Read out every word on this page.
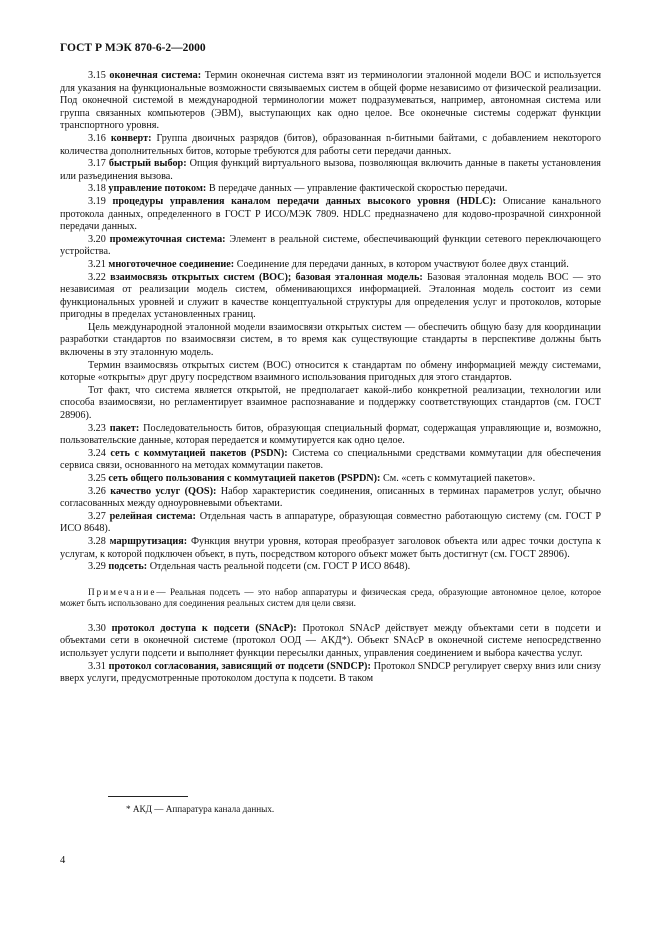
ГОСТ Р МЭК 870-6-2—2000

3.15 оконечная система: Термин оконечная система взят из терминологии эталонной модели ВОС и используется для указания на функциональные возможности связываемых систем в общей форме независимо от физической реализации. Под оконечной системой в международной терминологии может подразумеваться, например, автономная система или группа связанных компьютеров (ЭВМ), выступающих как одно целое. Все оконечные системы содержат функции транспортного уровня.

3.16 конверт: Группа двоичных разрядов (битов), образованная n-битными байтами, с добавлением некоторого количества дополнительных битов, которые требуются для работы сети передачи данных.

3.17 быстрый выбор: Опция функций виртуального вызова, позволяющая включить данные в пакеты установления или разъединения вызова.

3.18 управление потоком: В передаче данных — управление фактической скоростью передачи.

3.19 процедуры управления каналом передачи данных высокого уровня (HDLC): Описание канального протокола данных, определенного в ГОСТ Р ИСО/МЭК 7809. HDLC предназначено для кодово-прозрачной синхронной передачи данных.

3.20 промежуточная система: Элемент в реальной системе, обеспечивающий функции сетевого переключающего устройства.

3.21 многоточечное соединение: Соединение для передачи данных, в котором участвуют более двух станций.

3.22 взаимосвязь открытых систем (ВОС); базовая эталонная модель: Базовая эталонная модель ВОС — это независимая от реализации модель систем, обменивающихся информацией. Эталонная модель состоит из семи функциональных уровней и служит в качестве концептуальной структуры для определения услуг и протоколов, которые пригодны в пределах установленных границ.

Цель международной эталонной модели взаимосвязи открытых систем — обеспечить общую базу для координации разработки стандартов по взаимосвязи систем, в то время как существующие стандарты в перспективе должны быть включены в эту эталонную модель.

Термин взаимосвязь открытых систем (ВОС) относится к стандартам по обмену информацией между системами, которые «открыты» друг другу посредством взаимного использования пригодных для этого стандартов.

Тот факт, что система является открытой, не предполагает какой-либо конкретной реализации, технологии или способа взаимосвязи, но регламентирует взаимное распознавание и поддержку соответствующих стандартов (см. ГОСТ 28906).

3.23 пакет: Последовательность битов, образующая специальный формат, содержащая управляющие и, возможно, пользовательские данные, которая передается и коммутируется как одно целое.

3.24 сеть с коммутацией пакетов (PSDN): Система со специальными средствами коммутации для обеспечения сервиса связи, основанного на методах коммутации пакетов.

3.25 сеть общего пользования с коммутацией пакетов (PSPDN): См. «сеть с коммутацией пакетов».

3.26 качество услуг (QOS): Набор характеристик соединения, описанных в терминах параметров услуг, обычно согласованных между одноуровневыми объектами.

3.27 релейная система: Отдельная часть в аппаратуре, образующая совместно работающую систему (см. ГОСТ Р ИСО 8648).

3.28 маршрутизация: Функция внутри уровня, которая преобразует заголовок объекта или адрес точки доступа к услугам, к которой подключен объект, в путь, посредством которого объект может быть достигнут (см. ГОСТ 28906).

3.29 подсеть: Отдельная часть реальной подсети (см. ГОСТ Р ИСО 8648).

Примечание— Реальная подсеть — это набор аппаратуры и физическая среда, образующие автономное целое, которое может быть использовано для соединения реальных систем для цели связи.

3.30 протокол доступа к подсети (SNAcP): Протокол SNAcP действует между объектами сети в подсети и объектами сети в оконечной системе (протокол ООД — АКД*). Объект SNAcP в оконечной системе непосредственно использует услуги подсети и выполняет функции пересылки данных, управления соединением и выбора качества услуг.

3.31 протокол согласования, зависящий от подсети (SNDCP): Протокол SNDCP регулирует сверху вниз или снизу вверх услуги, предусмотренные протоколом доступа к подсети. В таком

* АКД — Аппаратура канала данных.
4
